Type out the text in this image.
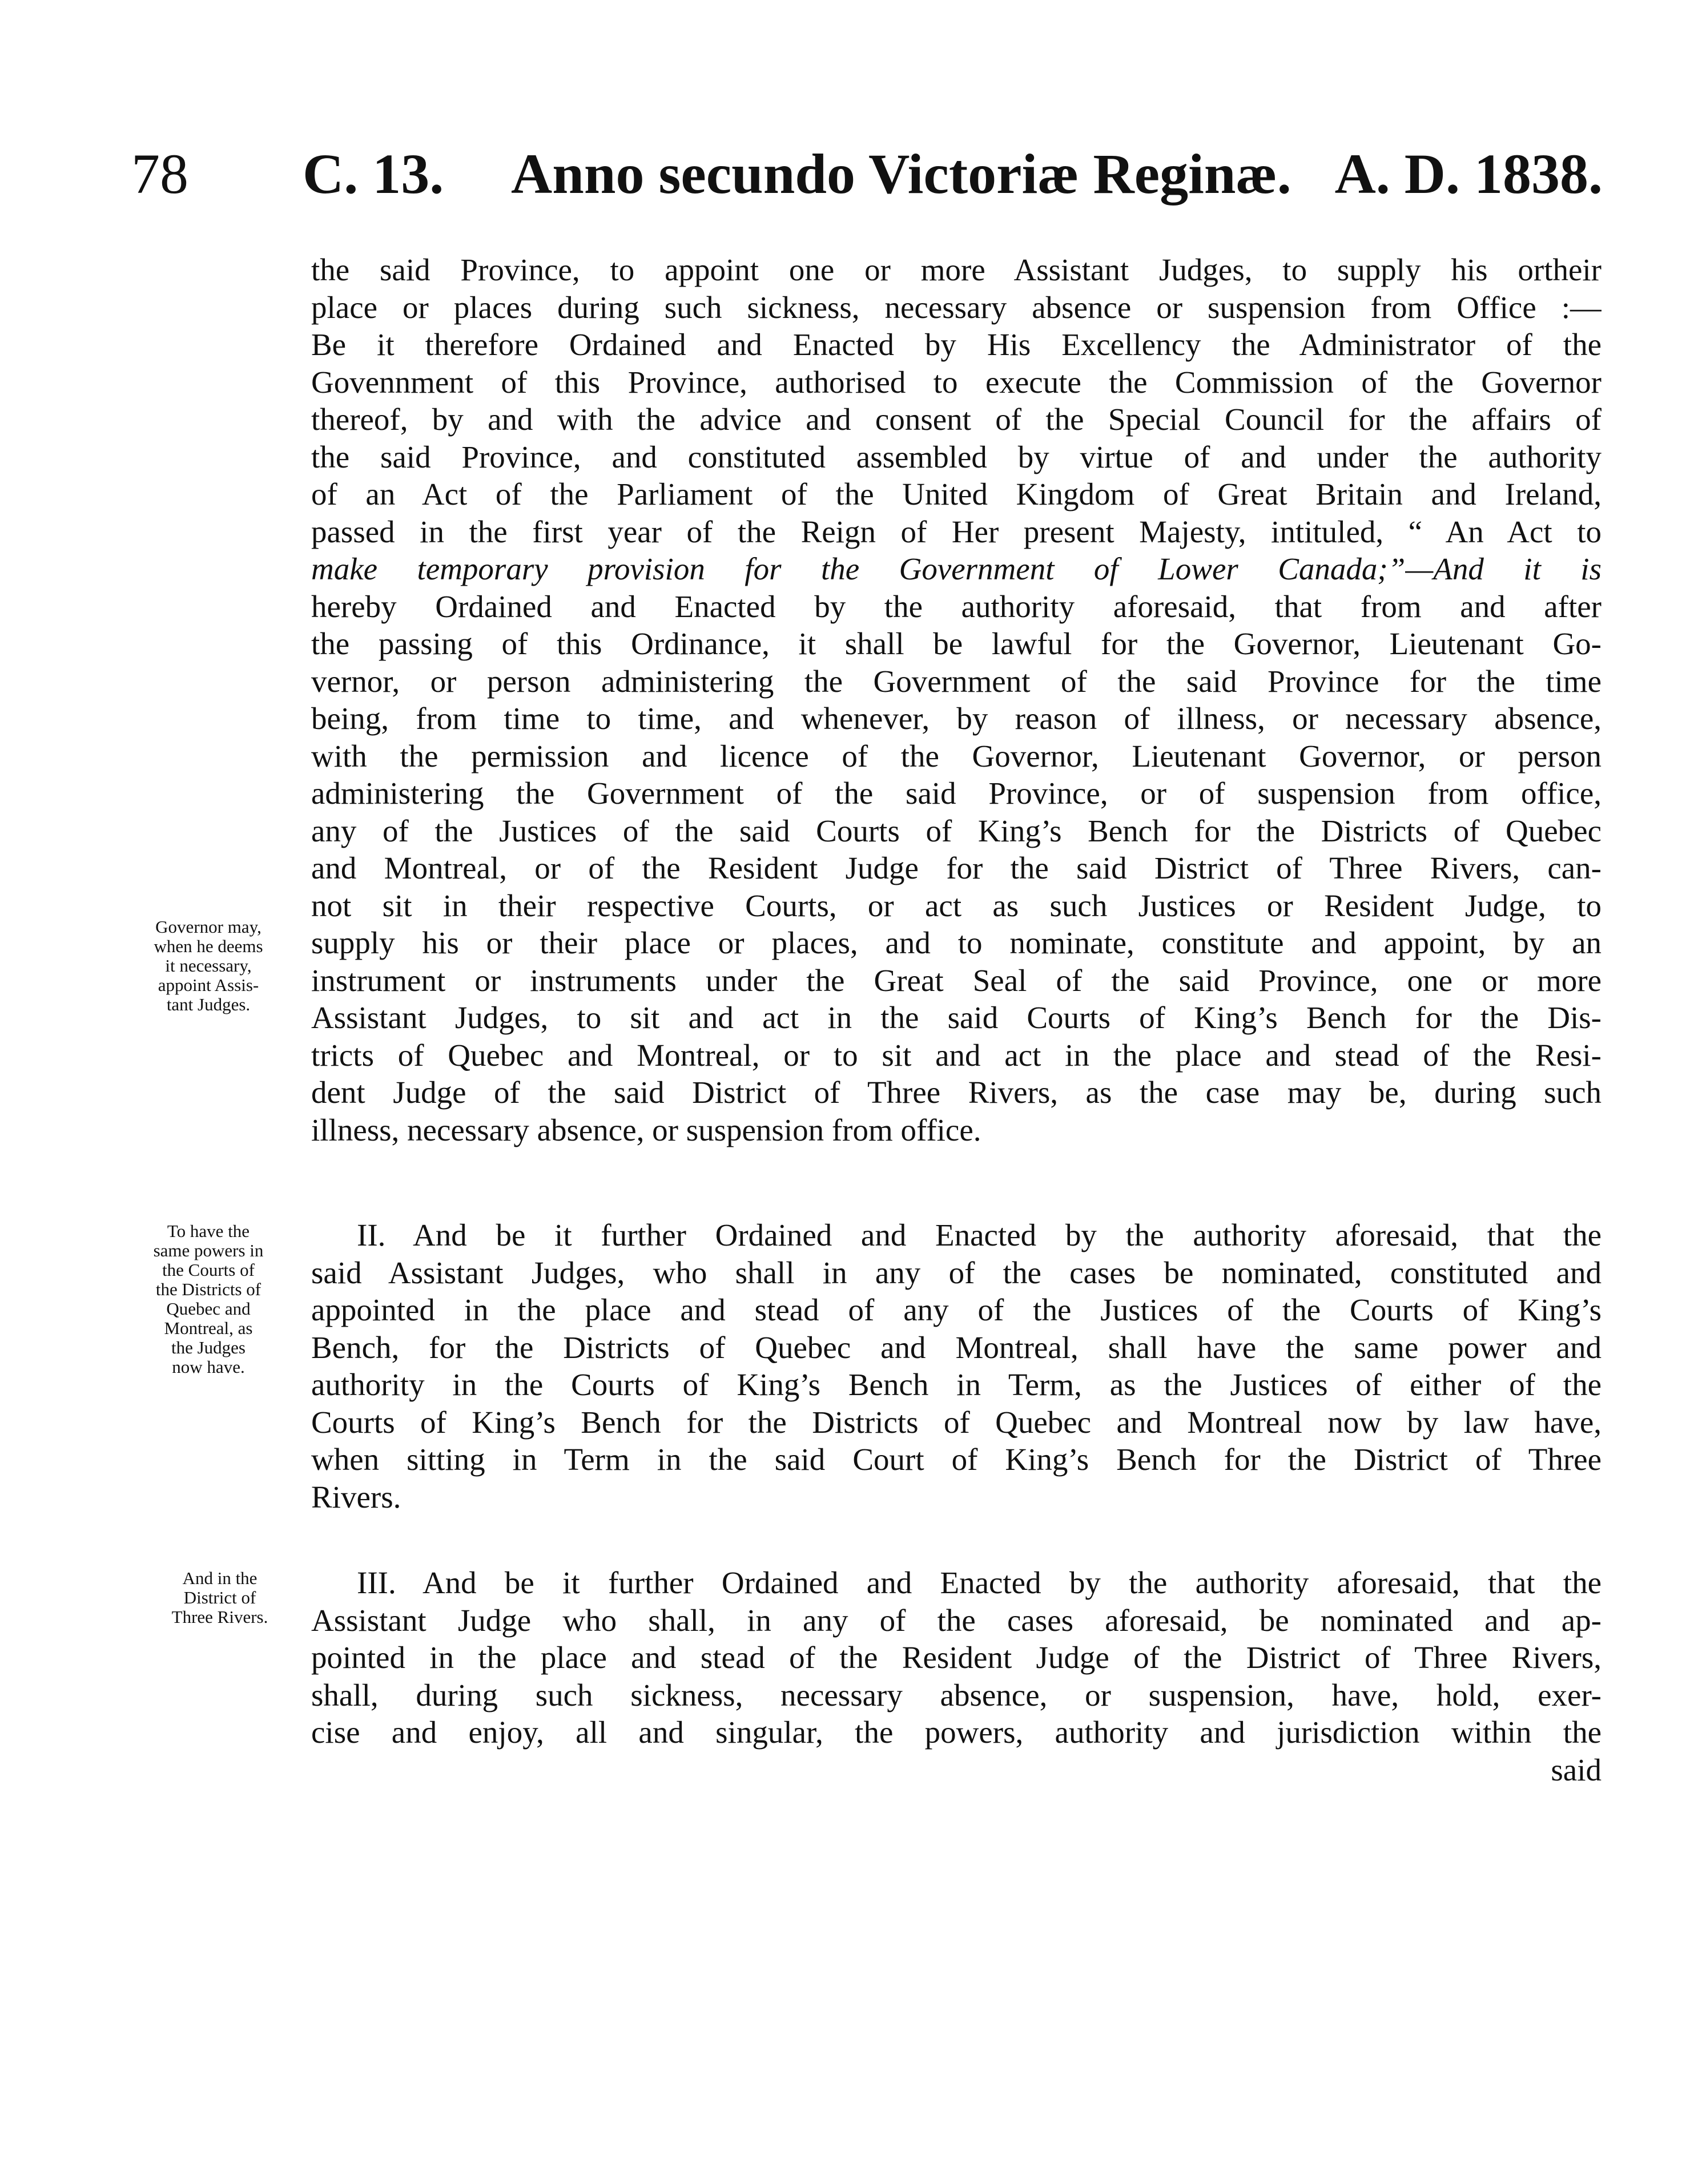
78 C. 13. Anno secundo Victoriæ Reginæ. A. D. 1838.
the said Province, to appoint one or more Assistant Judges, to supply his ortheir
place or places during such sickness, necessary absence or suspension from Office :—
Be it therefore Ordained and Enacted by His Excellency the Administrator of the
Govennment of this Province, authorised to execute the Commission of the Governor
thereof, by and with the advice and consent of the Special Council for the affairs of
the said Province, and constituted assembled by virtue of and under the authority
of an Act of the Parliament of the United Kingdom of Great Britain and Ireland,
passed in the first year of the Reign of Her present Majesty, intituled, “ An Act to
make temporary provision for the Government of Lower Canada;”—And it is
hereby Ordained and Enacted by the authority aforesaid, that from and after
the passing of this Ordinance, it shall be lawful for the Governor, Lieutenant Go-
vernor, or person administering the Government of the said Province for the time
being, from time to time, and whenever, by reason of illness, or necessary absence,
with the permission and licence of the Governor, Lieutenant Governor, or person
administering the Government of the said Province, or of suspension from office,
any of the Justices of the said Courts of King’s Bench for the Districts of Quebec
and Montreal, or of the Resident Judge for the said District of Three Rivers, can-
not sit in their respective Courts, or act as such Justices or Resident Judge, to
supply his or their place or places, and to nominate, constitute and appoint, by an
instrument or instruments under the Great Seal of the said Province, one or more
Assistant Judges, to sit and act in the said Courts of King’s Bench for the Dis-
tricts of Quebec and Montreal, or to sit and act in the place and stead of the Resi-
dent Judge of the said District of Three Rivers, as the case may be, during such
illness, necessary absence, or suspension from office.
II. And be it further Ordained and Enacted by the authority aforesaid, that the
said Assistant Judges, who shall in any of the cases be nominated, constituted and
appointed in the place and stead of any of the Justices of the Courts of King’s
Bench, for the Districts of Quebec and Montreal, shall have the same power and
authority in the Courts of King’s Bench in Term, as the Justices of either of the
Courts of King’s Bench for the Districts of Quebec and Montreal now by law have,
when sitting in Term in the said Court of King’s Bench for the District of Three
Rivers.
III. And be it further Ordained and Enacted by the authority aforesaid, that the
Assistant Judge who shall, in any of the cases aforesaid, be nominated and ap-
pointed in the place and stead of the Resident Judge of the District of Three Rivers,
shall, during such sickness, necessary absence, or suspension, have, hold, exer-
cise and enjoy, all and singular, the powers, authority and jurisdiction within the
said
Governor may,
when he deems
it necessary,
appoint Assis-
tant Judges.
To have the
same powers in
the Courts of
the Districts of
Quebec and
Montreal, as
the Judges
now have.
And in the
District of
Three Rivers.
